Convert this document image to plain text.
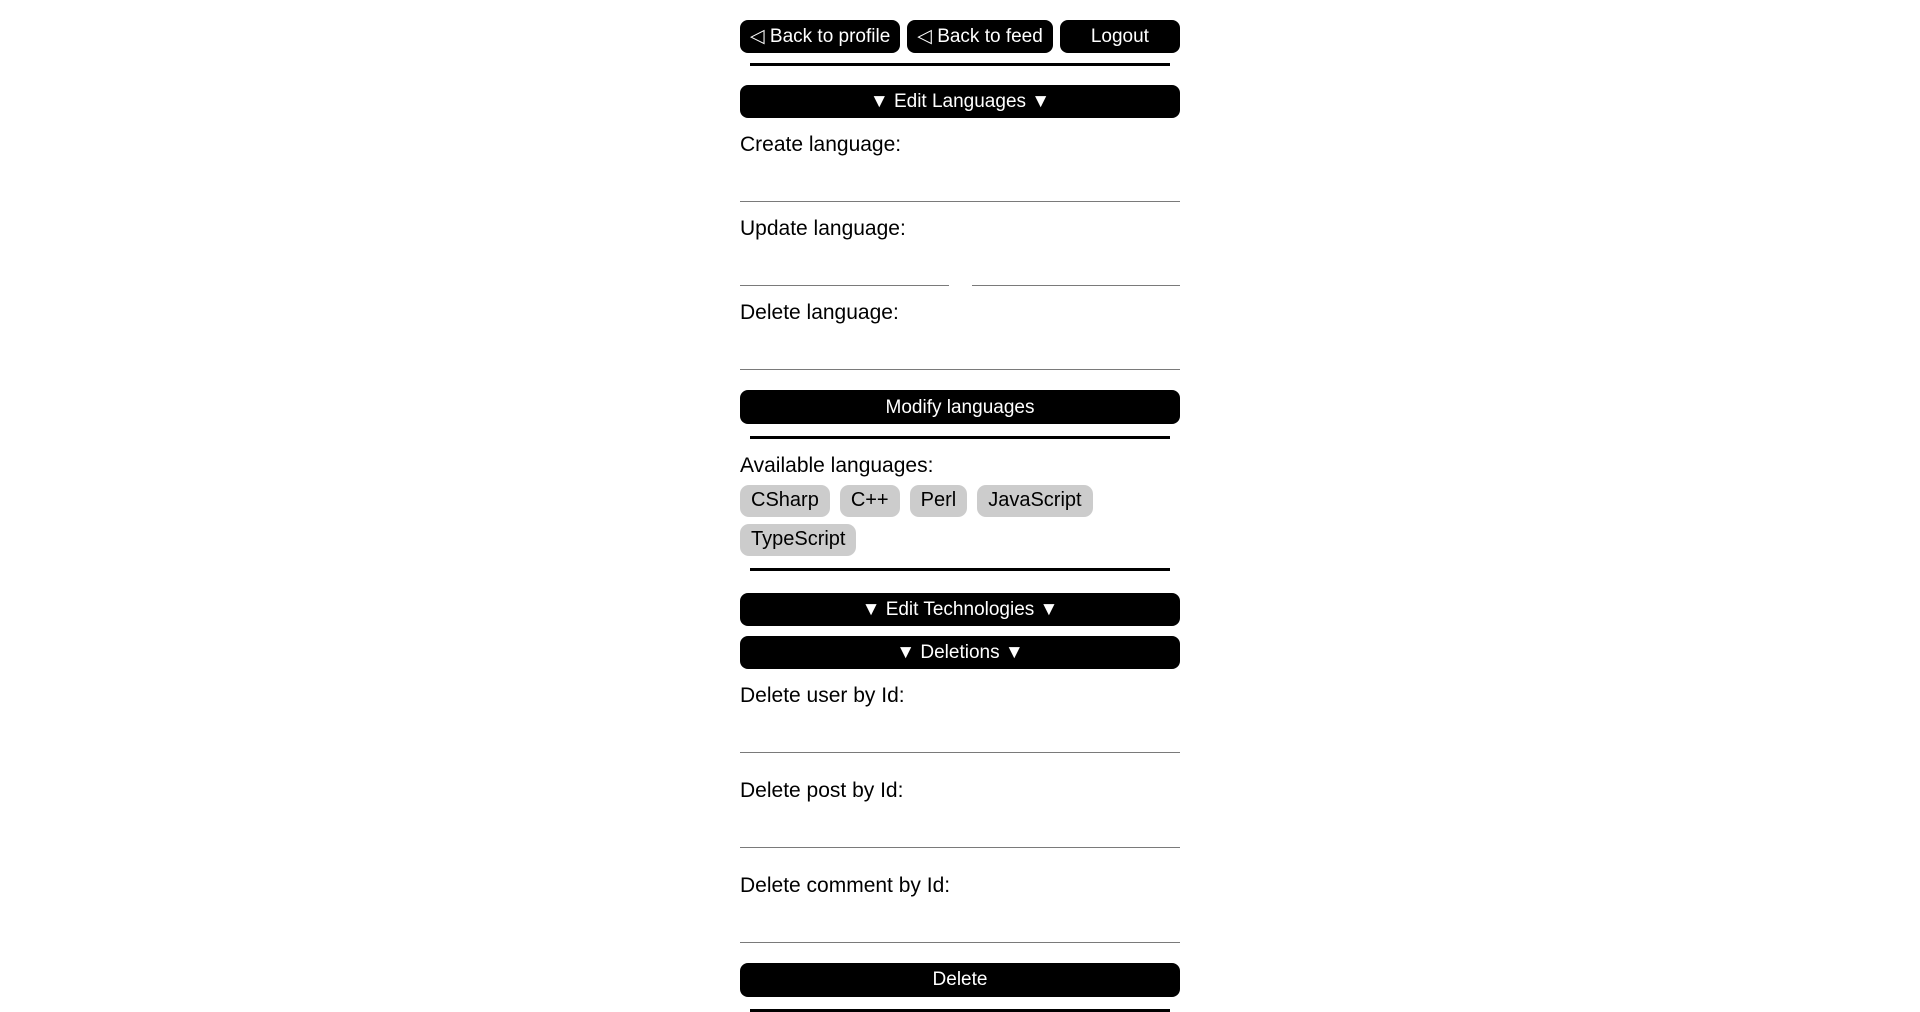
◁ Back to profile	◁ Back to feed	Logout
▼ Edit Languages ▼
Create language:
Update language:
Delete language:
Modify languages
Available languages:
CSharp	C++	Perl	JavaScript
TypeScript
▼ Edit Technologies ▼
▼ Deletions ▼
Delete user by Id:
Delete post by Id:
Delete comment by Id:
Delete
